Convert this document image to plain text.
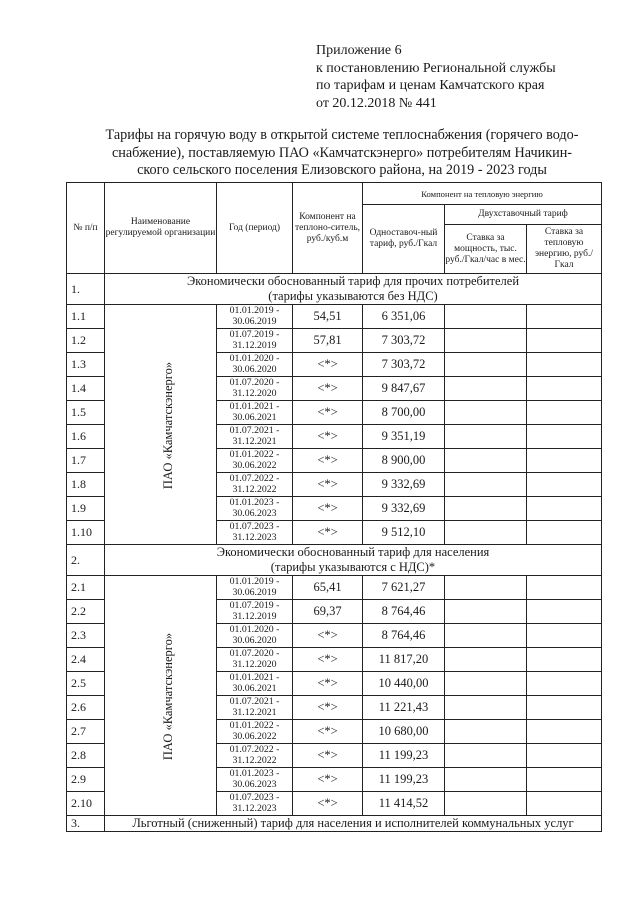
Приложение 6
к постановлению Региональной службы
по тарифам и ценам Камчатского края
от 20.12.2018 № 441
Тарифы на горячую воду в открытой системе теплоснабжения (горячего водо-
снабжение), поставляемую ПАО «Камчатскэнерго» потребителям Начикин-
ского сельского поселения Елизовского района, на 2019 - 2023 годы
№ п/п	Наименование регулируемой организации	Год (период)	Компонент на теплоно-ситель, руб./куб.м	Компонент на тепловую энергию		
				Одноставоч-ный тариф, руб./Гкал	Двухставочный тариф	
					Ставка за мощность, тыс. руб./Гкал/час в мес.	Ставка за тепловую энергию, руб./Гкал
1.	Экономически обоснованный тариф для прочих потребителей
(тарифы указываются без НДС)					

1.1	ПАО «Камчатскэнерго»	01.01.2019 -
30.06.2019	54,51	6 351,06		
1.2		01.07.2019 -
31.12.2019	57,81	7 303,72		
1.3		01.01.2020 -
30.06.2020	<*>	7 303,72		
1.4		01.07.2020 -
31.12.2020	<*>	9 847,67		
1.5		01.01.2021 -
30.06.2021	<*>	8 700,00		
1.6		01.07.2021 -
31.12.2021	<*>	9 351,19		
1.7		01.01.2022 -
30.06.2022	<*>	8 900,00		
1.8		01.07.2022 -
31.12.2022	<*>	9 332,69		
1.9		01.01.2023 -
30.06.2023	<*>	9 332,69		
1.10		01.07.2023 -
31.12.2023	<*>	9 512,10		
2.	Экономически обоснованный тариф для населения
(тарифы указываются с НДС)*					

2.1	ПАО «Камчатскэнерго»	01.01.2019 -
30.06.2019	65,41	7 621,27		
2.2		01.07.2019 -
31.12.2019	69,37	8 764,46		
2.3		01.01.2020 -
30.06.2020	<*>	8 764,46		
2.4		01.07.2020 -
31.12.2020	<*>	11 817,20		
2.5		01.01.2021 -
30.06.2021	<*>	10 440,00		
2.6		01.07.2021 -
31.12.2021	<*>	11 221,43		
2.7		01.01.2022 -
30.06.2022	<*>	10 680,00		
2.8		01.07.2022 -
31.12.2022	<*>	11 199,23		
2.9		01.01.2023 -
30.06.2023	<*>	11 199,23		
2.10		01.07.2023 -
31.12.2023	<*>	11 414,52		
3.	Льготный (сниженный) тариф для населения и исполнителей коммунальных услуг					
